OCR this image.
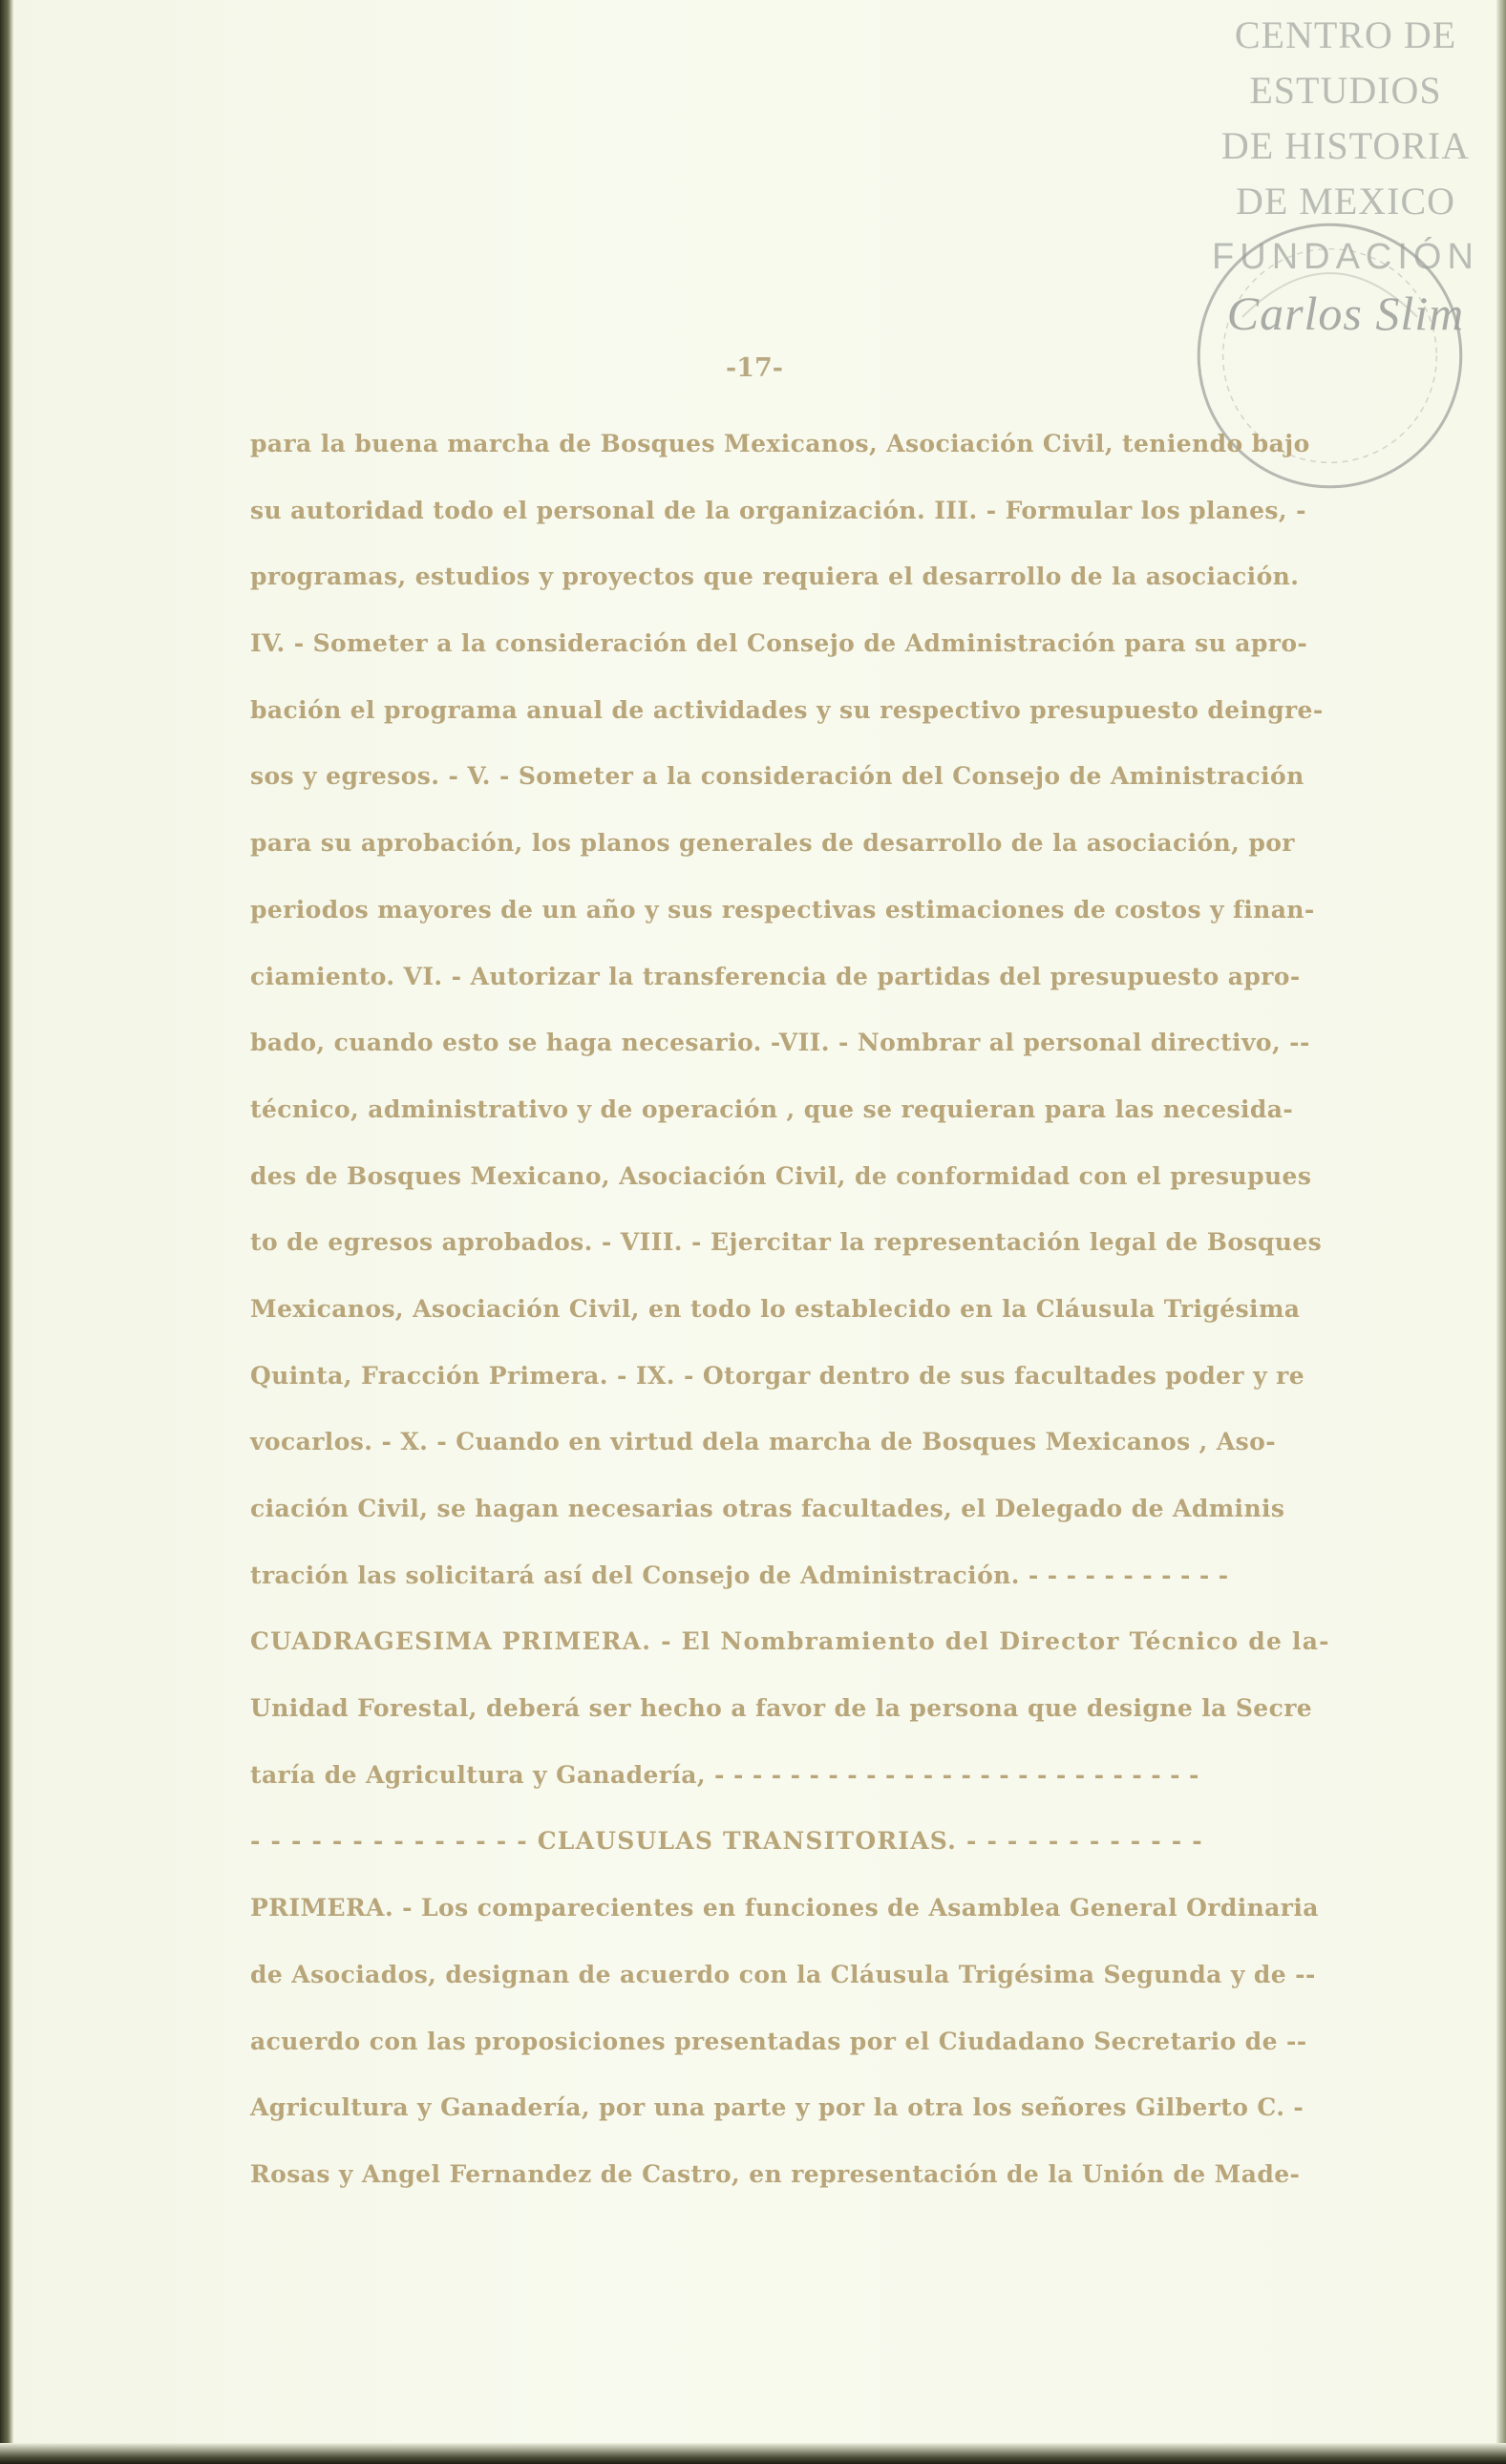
CENTRO DE
ESTUDIOS
DE HISTORIA
DE MEXICO
FUNDACIÓN
Carlos Slim
-17-
para la buena marcha de Bosques Mexicanos, Asociación Civil, teniendo bajo
su autoridad todo el personal de la organización. III. - Formular los planes, -
programas, estudios y proyectos que requiera el desarrollo de la asociación.
IV. - Someter a la consideración del Consejo de Administración para su apro-
bación el programa anual de actividades y su respectivo presupuesto deingre-
sos y egresos. - V. - Someter a la consideración del Consejo de Aministración
para su aprobación, los planos generales de desarrollo de la asociación, por
periodos mayores de un año y sus respectivas estimaciones de costos y finan-
ciamiento. VI. - Autorizar la transferencia de partidas del presupuesto apro-
bado, cuando esto se haga necesario. -VII. - Nombrar al personal directivo, --
técnico, administrativo y de operación , que se requieran para las necesida-
des de Bosques Mexicano, Asociación Civil, de conformidad con el presupues
to de egresos aprobados. - VIII. - Ejercitar la representación legal de Bosques
Mexicanos, Asociación Civil, en todo lo establecido en la Cláusula Trigésima
Quinta, Fracción Primera. - IX. - Otorgar dentro de sus facultades poder y re
vocarlos. - X. - Cuando en virtud dela marcha de Bosques Mexicanos , Aso-
ciación Civil, se hagan necesarias otras facultades, el Delegado de Adminis
tración las solicitará así del Consejo de Administración. - - - - - - - - - - -
CUADRAGESIMA PRIMERA. - El Nombramiento del Director Técnico de la-
Unidad Forestal, deberá ser hecho a favor de la persona que designe la Secre
taría de Agricultura y Ganadería, - - - - - - - - - - - - - - - - - - - - - - - - - -
- - - - - - - - - - - - - - CLAUSULAS TRANSITORIAS. - - - - - - - - - - - -
PRIMERA. - Los comparecientes en funciones de Asamblea General Ordinaria
de Asociados, designan de acuerdo con la Cláusula Trigésima Segunda y de --
acuerdo con las proposiciones presentadas por el Ciudadano Secretario de --
Agricultura y Ganadería, por una parte y por la otra los señores Gilberto C. -
Rosas y Angel Fernandez de Castro, en representación de la Unión de Made-
